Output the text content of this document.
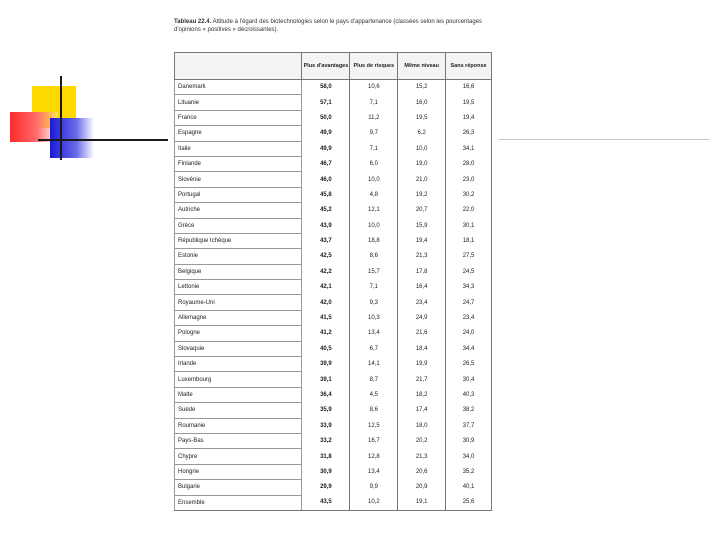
Tableau 22.4. Attitude à l'égard des biotechnologies selon le pays d'appartenance (classées selon les pourcentages d'opinions « positives » décroissantes).
	Plus d'avantages	Plus de risques	Même niveau	Sans réponse
Danemark	58,0	10,6	15,2	16,6
Lituanie	57,1	7,1	16,0	19,5
France	50,0	11,2	19,5	19,4
Espagne	49,9	9,7	6,2	26,3
Italie	49,9	7,1	10,0	34,1
Finlande	46,7	6,0	19,0	28,0
Slovénie	46,0	10,0	21,0	23,0
Portugal	45,8	4,8	19,2	30,2
Autriche	45,2	12,1	20,7	22,0
Grèce	43,9	10,0	15,9	30,1
République tchèque	43,7	18,8	19,4	18,1
Estonie	42,5	8,6	21,3	27,5
Belgique	42,2	15,7	17,8	24,5
Lettonie	42,1	7,1	16,4	34,3
Royaume-Uni	42,0	9,3	23,4	24,7
Allemagne	41,5	10,3	24,9	23,4
Pologne	41,2	13,4	21,6	24,0
Slovaquie	40,5	6,7	18,4	34,4
Irlande	39,9	14,1	19,9	26,5
Luxembourg	39,1	8,7	21,7	30,4
Malte	36,4	4,5	18,2	40,3
Suède	35,9	8,6	17,4	38,2
Roumanie	33,9	12,5	18,0	37,7
Pays-Bas	33,2	16,7	20,2	30,9
Chypre	31,8	12,8	21,3	34,0
Hongrie	30,9	13,4	20,6	35,2
Bulgarie	29,9	9,9	20,9	40,1
Ensemble	43,5	10,2	19,1	25,6
